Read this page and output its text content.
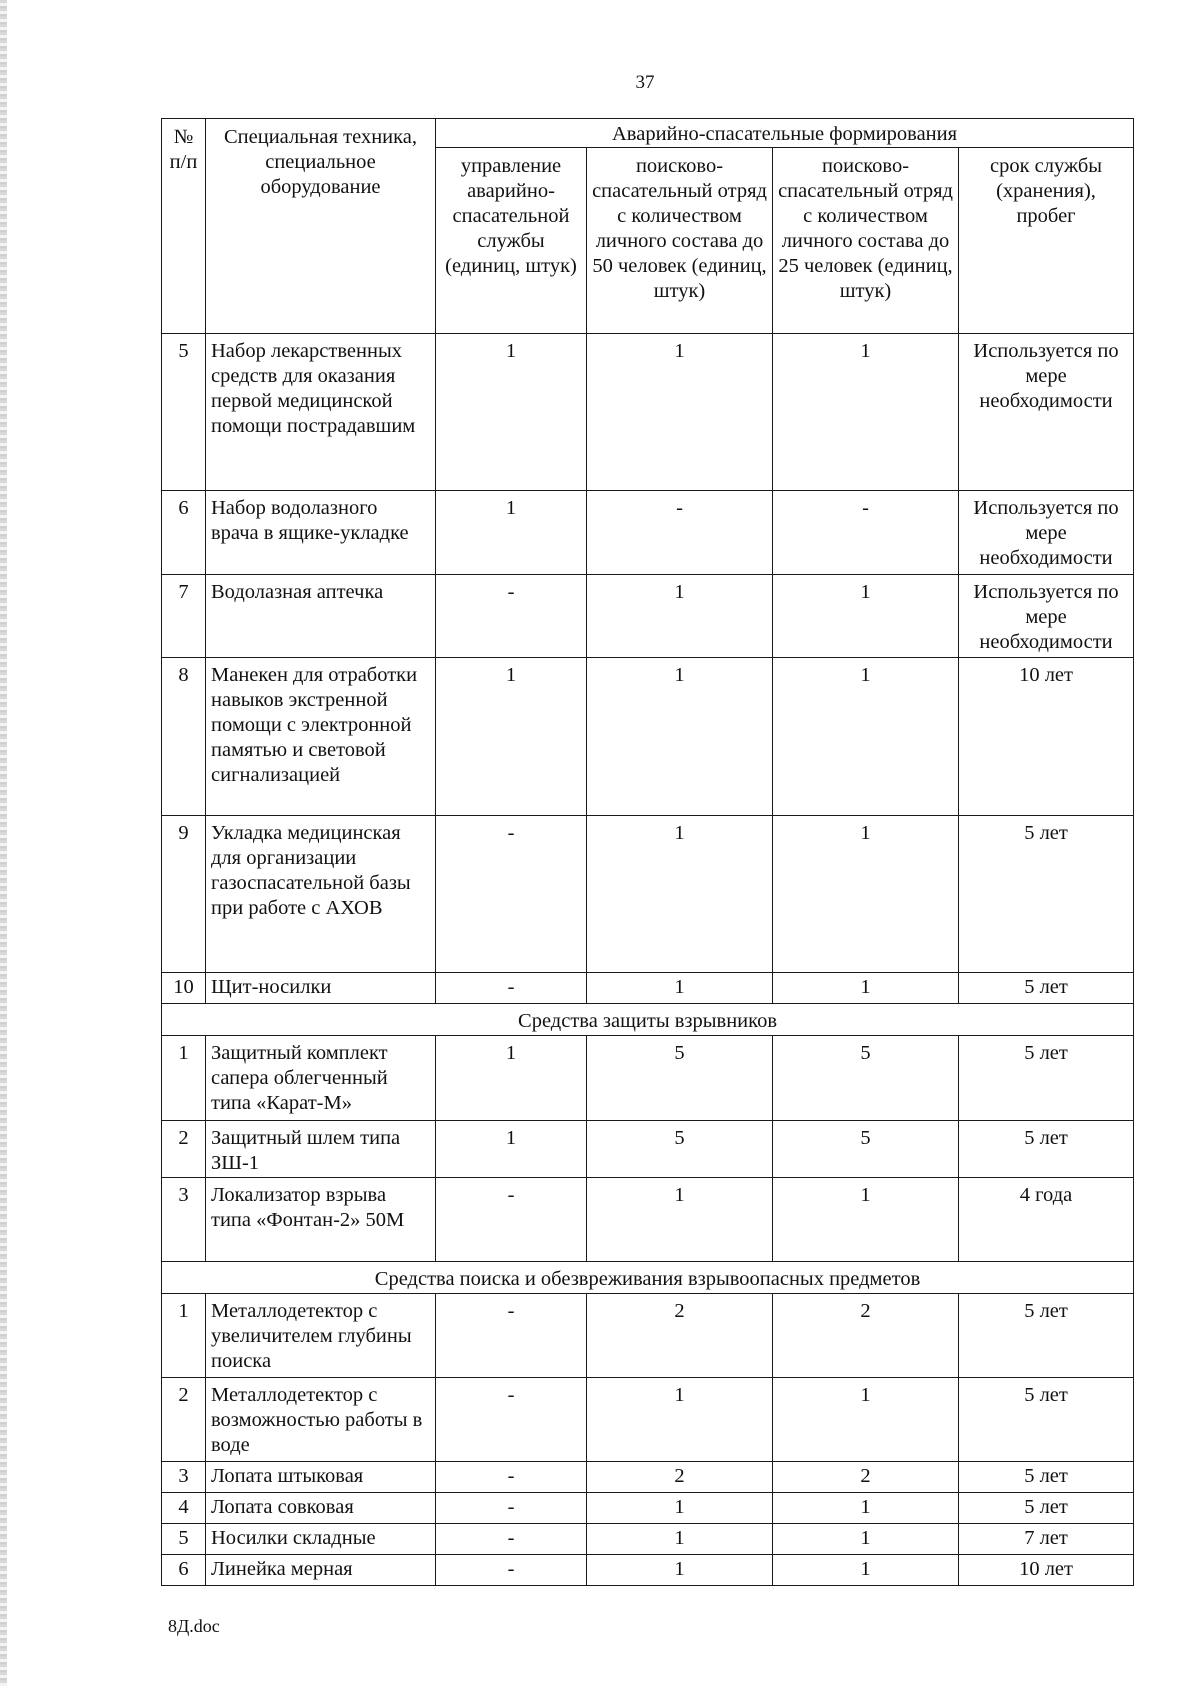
37
№ п/п	Специальная техника, специальное оборудование	Аварийно-спасательные формирования			
		управление аварийно-спасательной службы (единиц, штук)	поисково-спасательный отряд с количеством личного состава до 50 человек (единиц, штук)	поисково-спасательный отряд с количеством личного состава до 25 человек (единиц, штук)	срок службы (хранения), пробег
5	Набор лекарственных средств для оказания первой медицинской помощи пострадавшим	1	1	1	Используется по мере необходимости
6	Набор водолазного врача в ящике-укладке	1	-	-	Используется по мере необходимости
7	Водолазная аптечка	-	1	1	Используется по мере необходимости
8	Манекен для отработки навыков экстренной помощи с электронной памятью и световой сигнализацией	1	1	1	10 лет
9	Укладка медицинская для организации газоспасательной базы при работе с АХОВ	-	1	1	5 лет
10	Щит-носилки	-	1	1	5 лет
Средства защиты взрывников					
1	Защитный комплект сапера облегченный типа «Карат-М»	1	5	5	5 лет
2	Защитный шлем типа ЗШ-1	1	5	5	5 лет
3	Локализатор взрыва типа «Фонтан-2» 50М	-	1	1	4 года
Средства поиска и обезвреживания взрывоопасных предметов					
1	Металлодетектор с увеличителем глубины поиска	-	2	2	5 лет
2	Металлодетектор с возможностью работы в воде	-	1	1	5 лет
3	Лопата штыковая	-	2	2	5 лет
4	Лопата совковая	-	1	1	5 лет
5	Носилки складные	-	1	1	7 лет
6	Линейка мерная	-	1	1	10 лет
8Д.doc
